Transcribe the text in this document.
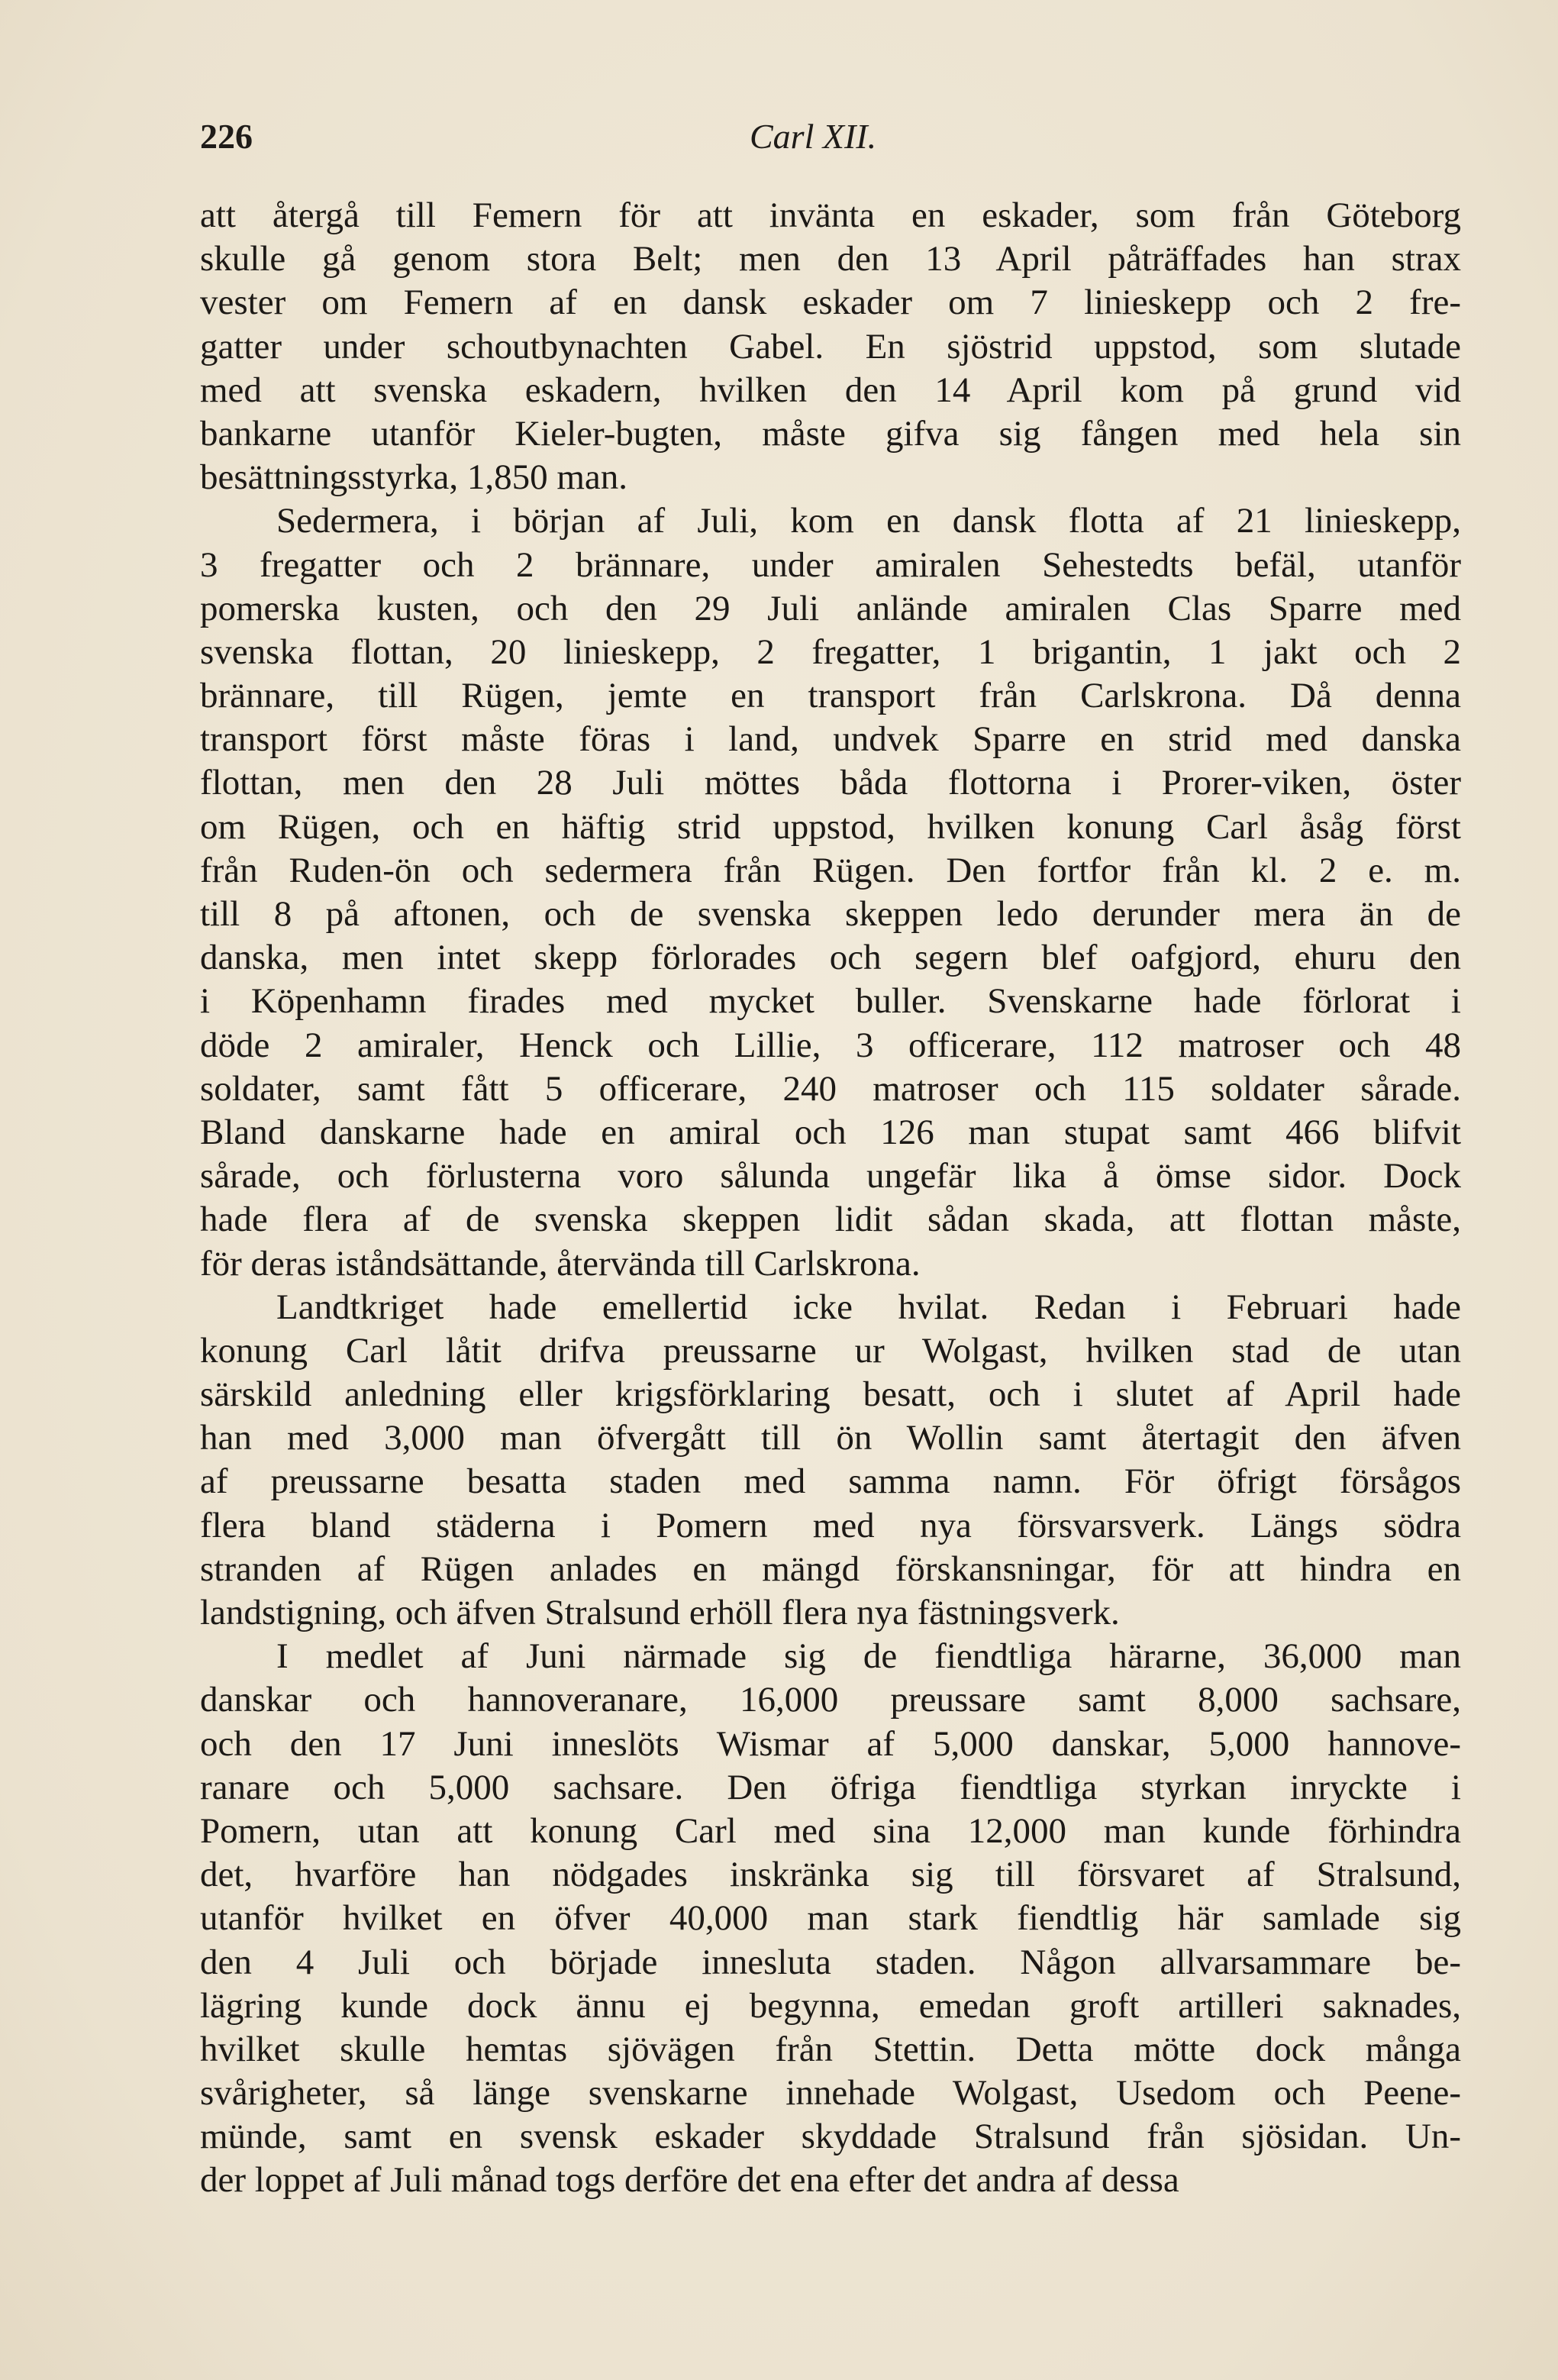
226	Carl XII.
att återgå till Femern för att invänta en eskader, som från Göteborg
skulle gå genom stora Belt; men den 13 April påträffades han strax
vester om Femern af en dansk eskader om 7 linieskepp och 2 fre-
gatter under schoutbynachten Gabel. En sjöstrid uppstod, som slutade
med att svenska eskadern, hvilken den 14 April kom på grund vid
bankarne utanför Kieler-bugten, måste gifva sig fången med hela sin
besättningsstyrka, 1,850 man.
Sedermera, i början af Juli, kom en dansk flotta af 21 linieskepp,
3 fregatter och 2 brännare, under amiralen Sehestedts befäl, utanför
pomerska kusten, och den 29 Juli anlände amiralen Clas Sparre med
svenska flottan, 20 linieskepp, 2 fregatter, 1 brigantin, 1 jakt och 2
brännare, till Rügen, jemte en transport från Carlskrona. Då denna
transport först måste föras i land, undvek Sparre en strid med danska
flottan, men den 28 Juli möttes båda flottorna i Prorer-viken, öster
om Rügen, och en häftig strid uppstod, hvilken konung Carl åsåg först
från Ruden-ön och sedermera från Rügen. Den fortfor från kl. 2 e. m.
till 8 på aftonen, och de svenska skeppen ledo derunder mera än de
danska, men intet skepp förlorades och segern blef oafgjord, ehuru den
i Köpenhamn firades med mycket buller. Svenskarne hade förlorat i
döde 2 amiraler, Henck och Lillie, 3 officerare, 112 matroser och 48
soldater, samt fått 5 officerare, 240 matroser och 115 soldater sårade.
Bland danskarne hade en amiral och 126 man stupat samt 466 blifvit
sårade, och förlusterna voro sålunda ungefär lika å ömse sidor. Dock
hade flera af de svenska skeppen lidit sådan skada, att flottan måste,
för deras iståndsättande, återvända till Carlskrona.
Landtkriget hade emellertid icke hvilat. Redan i Februari hade
konung Carl låtit drifva preussarne ur Wolgast, hvilken stad de utan
särskild anledning eller krigsförklaring besatt, och i slutet af April hade
han med 3,000 man öfvergått till ön Wollin samt återtagit den äfven
af preussarne besatta staden med samma namn. För öfrigt försågos
flera bland städerna i Pomern med nya försvarsverk. Längs södra
stranden af Rügen anlades en mängd förskansningar, för att hindra en
landstigning, och äfven Stralsund erhöll flera nya fästningsverk.
I medlet af Juni närmade sig de fiendtliga härarne, 36,000 man
danskar och hannoveranare, 16,000 preussare samt 8,000 sachsare,
och den 17 Juni inneslöts Wismar af 5,000 danskar, 5,000 hannove-
ranare och 5,000 sachsare. Den öfriga fiendtliga styrkan inryckte i
Pomern, utan att konung Carl med sina 12,000 man kunde förhindra
det, hvarföre han nödgades inskränka sig till försvaret af Stralsund,
utanför hvilket en öfver 40,000 man stark fiendtlig här samlade sig
den 4 Juli och började innesluta staden. Någon allvarsammare be-
lägring kunde dock ännu ej begynna, emedan groft artilleri saknades,
hvilket skulle hemtas sjövägen från Stettin. Detta mötte dock många
svårigheter, så länge svenskarne innehade Wolgast, Usedom och Peene-
münde, samt en svensk eskader skyddade Stralsund från sjösidan. Un-
der loppet af Juli månad togs derföre det ena efter det andra af dessa
